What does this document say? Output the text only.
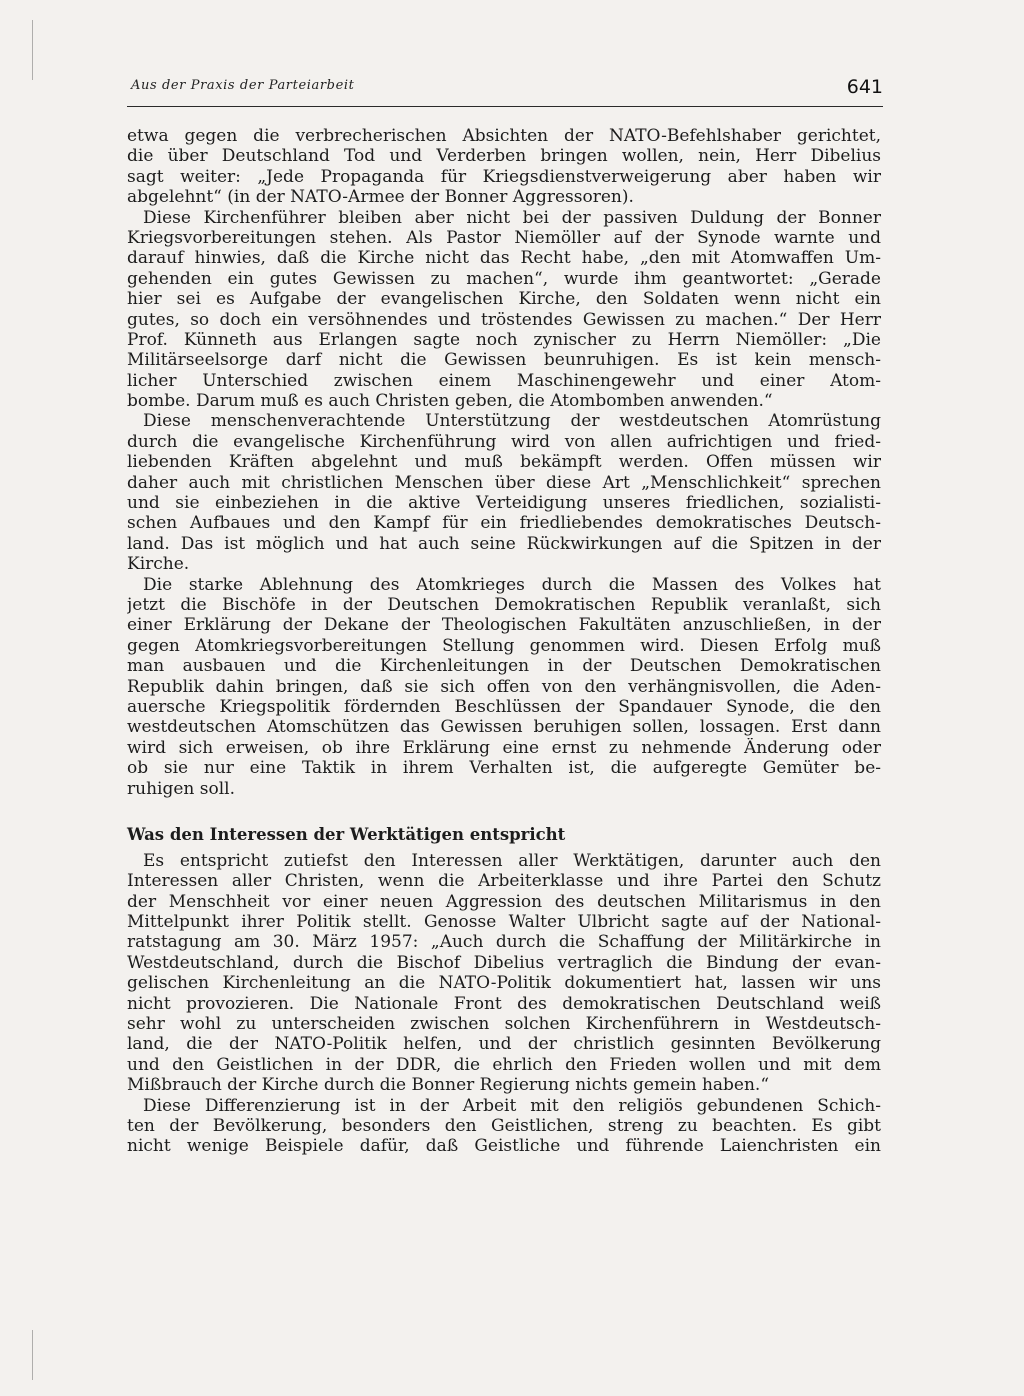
Aus der Praxis der Parteiarbeit	641
etwa gegen die verbrecherischen Absichten der NATO-Befehlshaber gerichtet,
die über Deutschland Tod und Verderben bringen wollen, nein, Herr Dibelius
sagt weiter: „Jede Propaganda für Kriegsdienstverweigerung aber haben wir
abgelehnt“ (in der NATO-Armee der Bonner Aggressoren).
Diese Kirchenführer bleiben aber nicht bei der passiven Duldung der Bonner
Kriegsvorbereitungen stehen. Als Pastor Niemöller auf der Synode warnte und
darauf hinwies, daß die Kirche nicht das Recht habe, „den mit Atomwaffen Um-
gehenden ein gutes Gewissen zu machen“, wurde ihm geantwortet: „Gerade
hier sei es Aufgabe der evangelischen Kirche, den Soldaten wenn nicht ein
gutes, so doch ein versöhnendes und tröstendes Gewissen zu machen.“ Der Herr
Prof. Künneth aus Erlangen sagte noch zynischer zu Herrn Niemöller: „Die
Militärseelsorge darf nicht die Gewissen beunruhigen. Es ist kein mensch-
licher Unterschied zwischen einem Maschinengewehr und einer Atom-
bombe. Darum muß es auch Christen geben, die Atombomben anwenden.“
Diese menschenverachtende Unterstützung der westdeutschen Atomrüstung
durch die evangelische Kirchenführung wird von allen aufrichtigen und fried-
liebenden Kräften abgelehnt und muß bekämpft werden. Offen müssen wir
daher auch mit christlichen Menschen über diese Art „Menschlichkeit“ sprechen
und sie einbeziehen in die aktive Verteidigung unseres friedlichen, sozialisti-
schen Aufbaues und den Kampf für ein friedliebendes demokratisches Deutsch-
land. Das ist möglich und hat auch seine Rückwirkungen auf die Spitzen in der
Kirche.
Die starke Ablehnung des Atomkrieges durch die Massen des Volkes hat
jetzt die Bischöfe in der Deutschen Demokratischen Republik veranlaßt, sich
einer Erklärung der Dekane der Theologischen Fakultäten anzuschließen, in der
gegen Atomkriegsvorbereitungen Stellung genommen wird. Diesen Erfolg muß
man ausbauen und die Kirchenleitungen in der Deutschen Demokratischen
Republik dahin bringen, daß sie sich offen von den verhängnisvollen, die Aden-
auersche Kriegspolitik fördernden Beschlüssen der Spandauer Synode, die den
westdeutschen Atomschützen das Gewissen beruhigen sollen, lossagen. Erst dann
wird sich erweisen, ob ihre Erklärung eine ernst zu nehmende Änderung oder
ob sie nur eine Taktik in ihrem Verhalten ist, die aufgeregte Gemüter be-
ruhigen soll.
Was den Interessen der Werktätigen entspricht
Es entspricht zutiefst den Interessen aller Werktätigen, darunter auch den
Interessen aller Christen, wenn die Arbeiterklasse und ihre Partei den Schutz
der Menschheit vor einer neuen Aggression des deutschen Militarismus in den
Mittelpunkt ihrer Politik stellt. Genosse Walter Ulbricht sagte auf der National-
ratstagung am 30. März 1957: „Auch durch die Schaffung der Militärkirche in
Westdeutschland, durch die Bischof Dibelius vertraglich die Bindung der evan-
gelischen Kirchenleitung an die NATO-Politik dokumentiert hat, lassen wir uns
nicht provozieren. Die Nationale Front des demokratischen Deutschland weiß
sehr wohl zu unterscheiden zwischen solchen Kirchenführern in Westdeutsch-
land, die der NATO-Politik helfen, und der christlich gesinnten Bevölkerung
und den Geistlichen in der DDR, die ehrlich den Frieden wollen und mit dem
Mißbrauch der Kirche durch die Bonner Regierung nichts gemein haben.“
Diese Differenzierung ist in der Arbeit mit den religiös gebundenen Schich-
ten der Bevölkerung, besonders den Geistlichen, streng zu beachten. Es gibt
nicht wenige Beispiele dafür, daß Geistliche und führende Laienchristen ein
